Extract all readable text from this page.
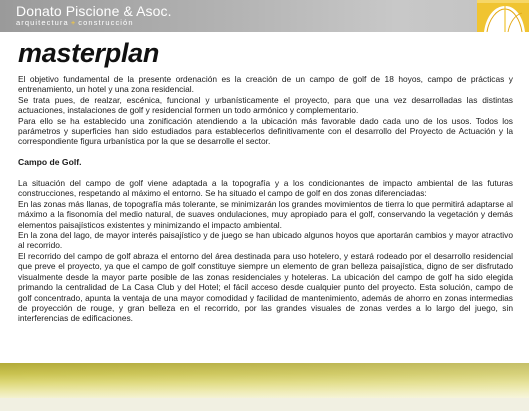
Donato Piscione & Asoc.
arquitectura + construcción
masterplan

El objetivo fundamental de la presente ordenación es la creación de un campo de golf de 18 hoyos, campo de prácticas y entrenamiento, un hotel y una zona residencial.

Se trata pues, de realzar, escénica, funcional y urbanísticamente el proyecto, para que una vez desarrolladas las distintas actuaciones, instalaciones de golf y residencial formen un todo armónico y complementario.

Para ello se ha establecido una zonificación atendiendo a la ubicación más favorable dado cada uno de los usos. Todos los parámetros y superficies han sido estudiados para establecerlos definitivamente con el desarrollo del Proyecto de Actuación y la correspondiente figura urbanística por la que se desarrolle el sector.

Campo de Golf.

La situación del campo de golf viene adaptada a la topografía y a los condicionantes de impacto ambiental de las futuras construcciones, respetando al máximo el entorno. Se ha situado el campo de golf en dos zonas diferenciadas:

En las zonas más llanas, de topografía más tolerante, se minimizarán los grandes movimientos de tierra lo que permitirá adaptarse al máximo a la fisonomía del medio natural, de suaves ondulaciones, muy apropiado para el golf, conservando la vegetación y demás elementos paisajísticos existentes y minimizando el impacto ambiental.

En la zona del lago, de mayor interés paisajístico y de juego se han ubicado algunos hoyos que aportarán cambios y mayor atractivo al recorrido.

El recorrido del campo de golf abraza el entorno del área destinada para uso hotelero, y estará rodeado por el desarrollo residencial que preve el proyecto, ya que el campo de golf constituye siempre un elemento de gran belleza paisajística, digno de ser disfrutado visualmente desde la mayor parte posible de las zonas residenciales y hoteleras. La ubicación del campo de golf ha sido elegida primando la centralidad de La Casa Club y del Hotel; el fácil acceso desde cualquier punto del proyecto. Esta solución, campo de golf concentrado, apunta la ventaja de una mayor comodidad y facilidad de mantenimiento, además de ahorro en zonas intermedias de proyección de rouge, y gran belleza en el recorrido, por las grandes visuales de zonas verdes a lo largo del juego, sin interferencias de edificaciones.
